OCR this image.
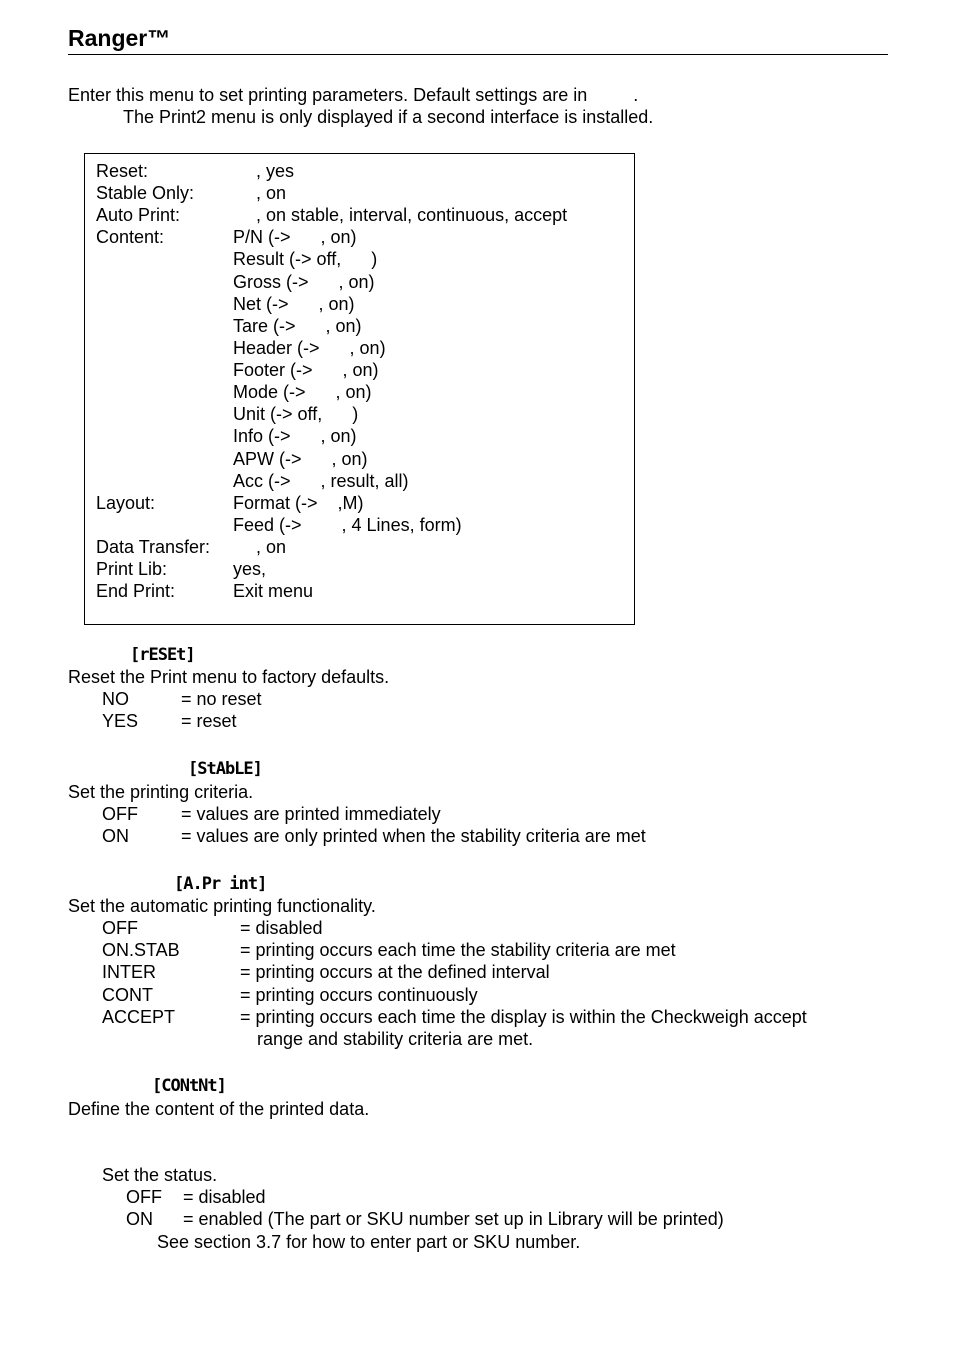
Ranger™
Enter this menu to set printing parameters. Default settings are in	.
The Print2 menu is only displayed if a second interface is installed.
Reset:	, yes
Stable Only:	, on
Auto Print:	, on stable, interval, continuous, accept
Content:	P/N (->      , on)
Result (-> off,      )
Gross (->      , on)
Net (->      , on)
Tare (->      , on)
Header (->      , on)
Footer (->      , on)
Mode (->      , on)
Unit (-> off,      )
Info (->      , on)
APW (->      , on)
Acc (->      , result, all)
Layout:	Format (->    ,M)
Feed (->        , 4 Lines, form)
Data Transfer:	, on
Print Lib:	yes,
End Print:	Exit menu
[rESEt]
Reset the Print menu to factory defaults.
NO	= no reset
YES = reset
[StAbLE]
Set the printing criteria.
OFF = values are printed immediately
ON	= values are only printed when the stability criteria are met
[A.Pr int]
Set the automatic printing functionality.
OFF	= disabled
ON.STAB	= printing occurs each time the stability criteria are met
INTER	= printing occurs at the defined interval
CONT	= printing occurs continuously
ACCEPT	= printing occurs each time the display is within the Checkweigh accept
range and stability criteria are met.
[CONtNt]
Define the content of the printed data.
Set the status.
OFF = disabled
ON = enabled (The part or SKU number set up in Library will be printed)
See section 3.7 for how to enter part or SKU number.
